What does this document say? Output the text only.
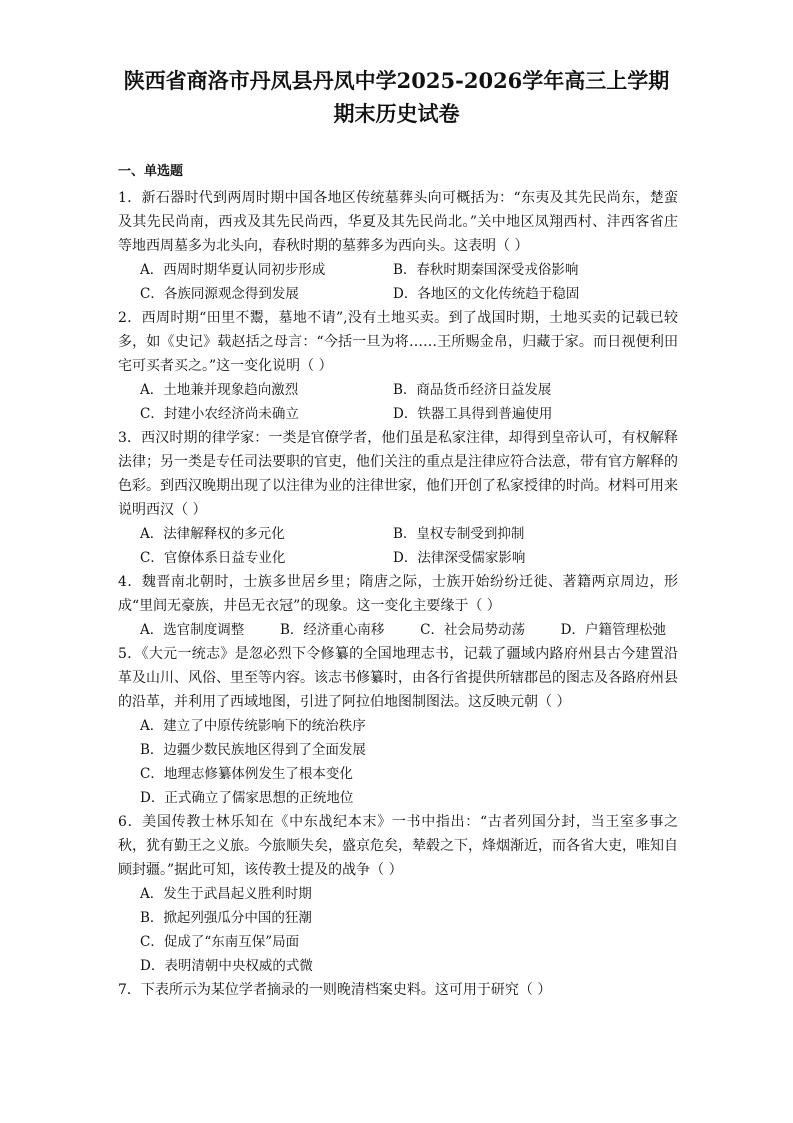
陕西省商洛市丹凤县丹凤中学2025-2026学年高三上学期
期末历史试卷
一、单选题

1．新石器时代到两周时期中国各地区传统墓葬头向可概括为：“东夷及其先民尚东，楚蛮及其先民尚南，西戎及其先民尚西，华夏及其先民尚北。”关中地区凤翔西村、沣西客省庄等地西周墓多为北头向，春秋时期的墓葬多为西向头。这表明（ ）

A．西周时期华夏认同初步形成	B．春秋时期秦国深受戎俗影响
C．各族同源观念得到发展	D．各地区的文化传统趋于稳固

2．西周时期“田里不鬻，墓地不请”,没有土地买卖。到了战国时期，土地买卖的记载已较多，如《史记》载赵括之母言：“今括一旦为将……王所赐金帛，归藏于家。而日视便利田宅可买者买之。”这一变化说明（ ）

A．土地兼并现象趋向激烈	B．商品货币经济日益发展
C．封建小农经济尚未确立	D．铁器工具得到普遍使用

3．西汉时期的律学家：一类是官僚学者，他们虽是私家注律，却得到皇帝认可，有权解释法律；另一类是专任司法要职的官吏，他们关注的重点是注律应符合法意，带有官方解释的色彩。到西汉晚期出现了以注律为业的注律世家，他们开创了私家授律的时尚。材料可用来说明西汉（ ）

A．法律解释权的多元化	B．皇权专制受到抑制
C．官僚体系日益专业化	D．法律深受儒家影响

4．魏晋南北朝时，士族多世居乡里；隋唐之际，士族开始纷纷迁徙、著籍两京周边，形成“里闾无豪族，井邑无衣冠”的现象。这一变化主要缘于（ ）

A．选官制度调整	B．经济重心南移	C．社会局势动荡	D．户籍管理松弛

5．《大元一统志》是忽必烈下令修纂的全国地理志书，记载了疆域内路府州县古今建置沿革及山川、风俗、里至等内容。该志书修纂时，由各行省提供所辖郡邑的图志及各路府州县的沿革，并利用了西域地图，引进了阿拉伯地图制图法。这反映元朝（ ）

A．建立了中原传统影响下的统治秩序
B．边疆少数民族地区得到了全面发展
C．地理志修纂体例发生了根本变化
D．正式确立了儒家思想的正统地位

6．美国传教士林乐知在《中东战纪本末》一书中指出：“古者列国分封，当王室多事之秋，犹有勤王之义旅。今旅顺失矣，盛京危矣，辇毂之下，烽烟渐近，而各省大吏，唯知自顾封疆。”据此可知，该传教士提及的战争（ ）

A．发生于武昌起义胜利时期
B．掀起列强瓜分中国的狂潮
C．促成了“东南互保”局面
D．表明清朝中央权威的式微

7．下表所示为某位学者摘录的一则晚清档案史料。这可用于研究（ ）
